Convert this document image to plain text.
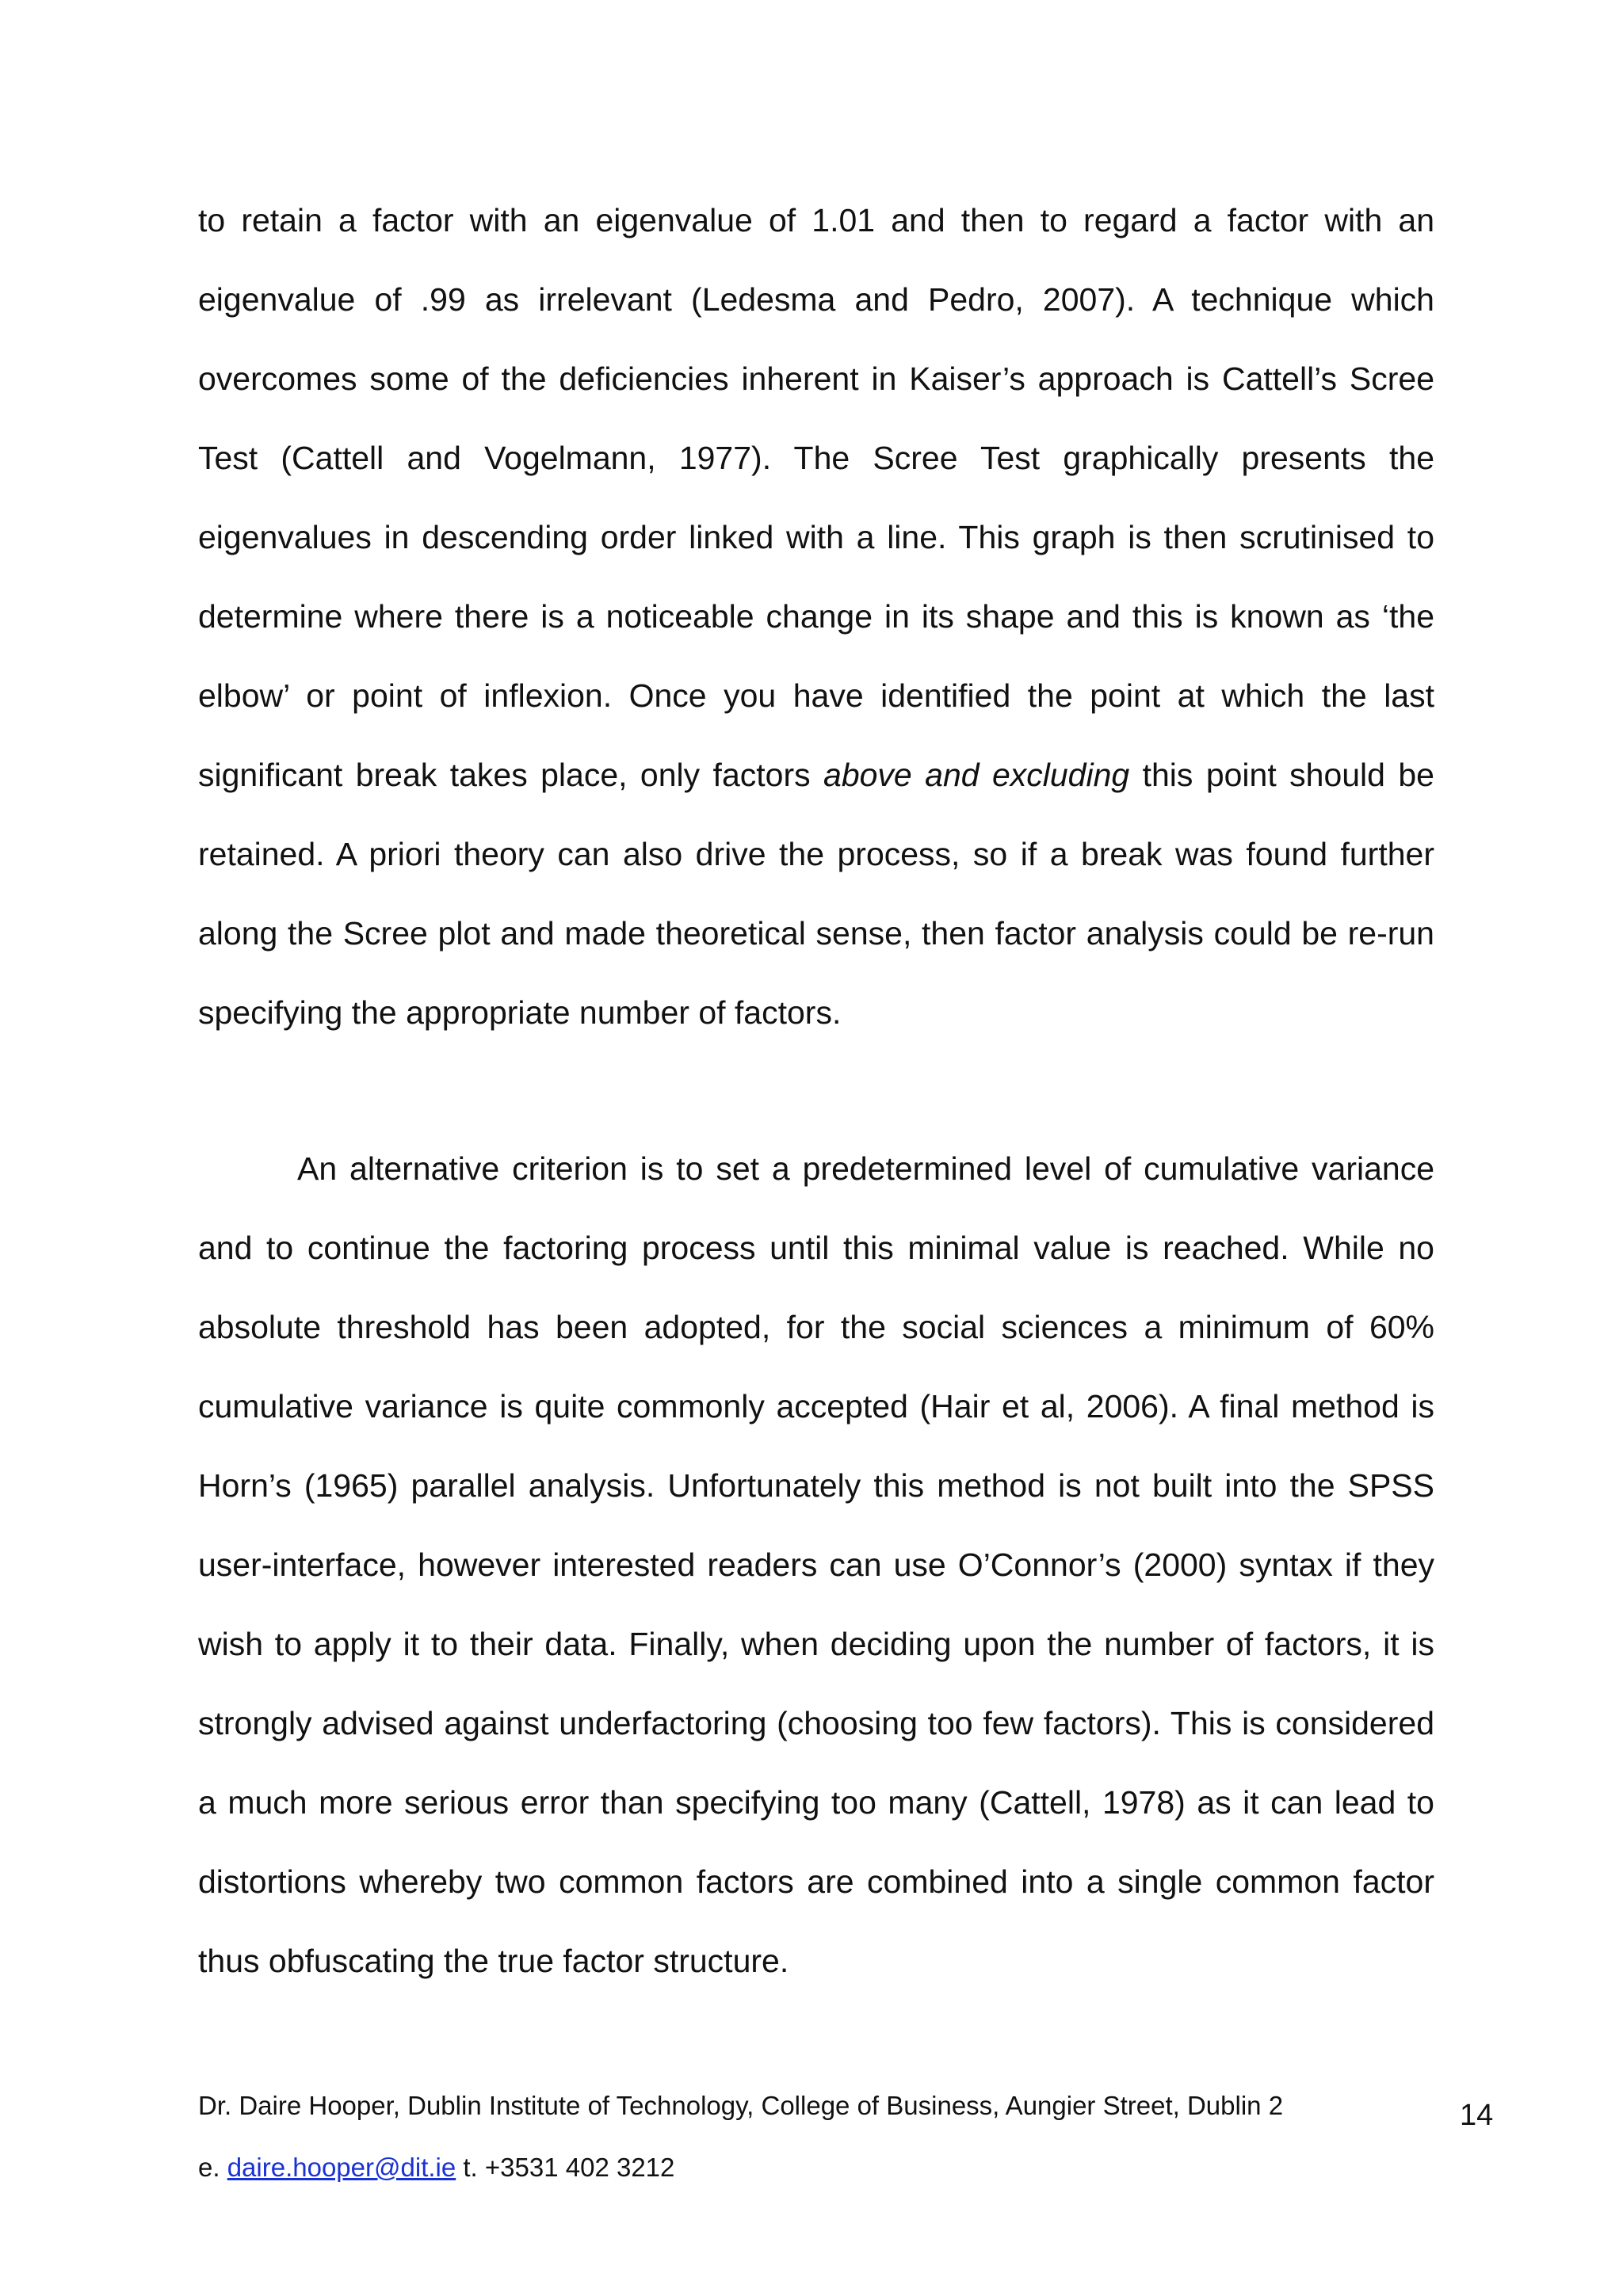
to retain a factor with an eigenvalue of 1.01 and then to regard a factor with an eigenvalue of .99 as irrelevant (Ledesma and Pedro, 2007). A technique which overcomes some of the deficiencies inherent in Kaiser’s approach is Cattell’s Scree Test (Cattell and Vogelmann, 1977). The Scree Test graphically presents the eigenvalues in descending order linked with a line. This graph is then scrutinised to determine where there is a noticeable change in its shape and this is known as ‘the elbow’ or point of inflexion. Once you have identified the point at which the last significant break takes place, only factors above and excluding this point should be retained. A priori theory can also drive the process, so if a break was found further along the Scree plot and made theoretical sense, then factor analysis could be re-run specifying the appropriate number of factors.

An alternative criterion is to set a predetermined level of cumulative variance and to continue the factoring process until this minimal value is reached. While no absolute threshold has been adopted, for the social sciences a minimum of 60% cumulative variance is quite commonly accepted (Hair et al, 2006). A final method is Horn’s (1965) parallel analysis. Unfortunately this method is not built into the SPSS user-interface, however interested readers can use O’Connor’s (2000) syntax if they wish to apply it to their data. Finally, when deciding upon the number of factors, it is strongly advised against underfactoring (choosing too few factors). This is considered a much more serious error than specifying too many (Cattell, 1978) as it can lead to distortions whereby two common factors are combined into a single common factor thus obfuscating the true factor structure.

Dr. Daire Hooper, Dublin Institute of Technology, College of Business, Aungier Street, Dublin 2
e. daire.hooper@dit.ie t. +3531 402 3212
14
